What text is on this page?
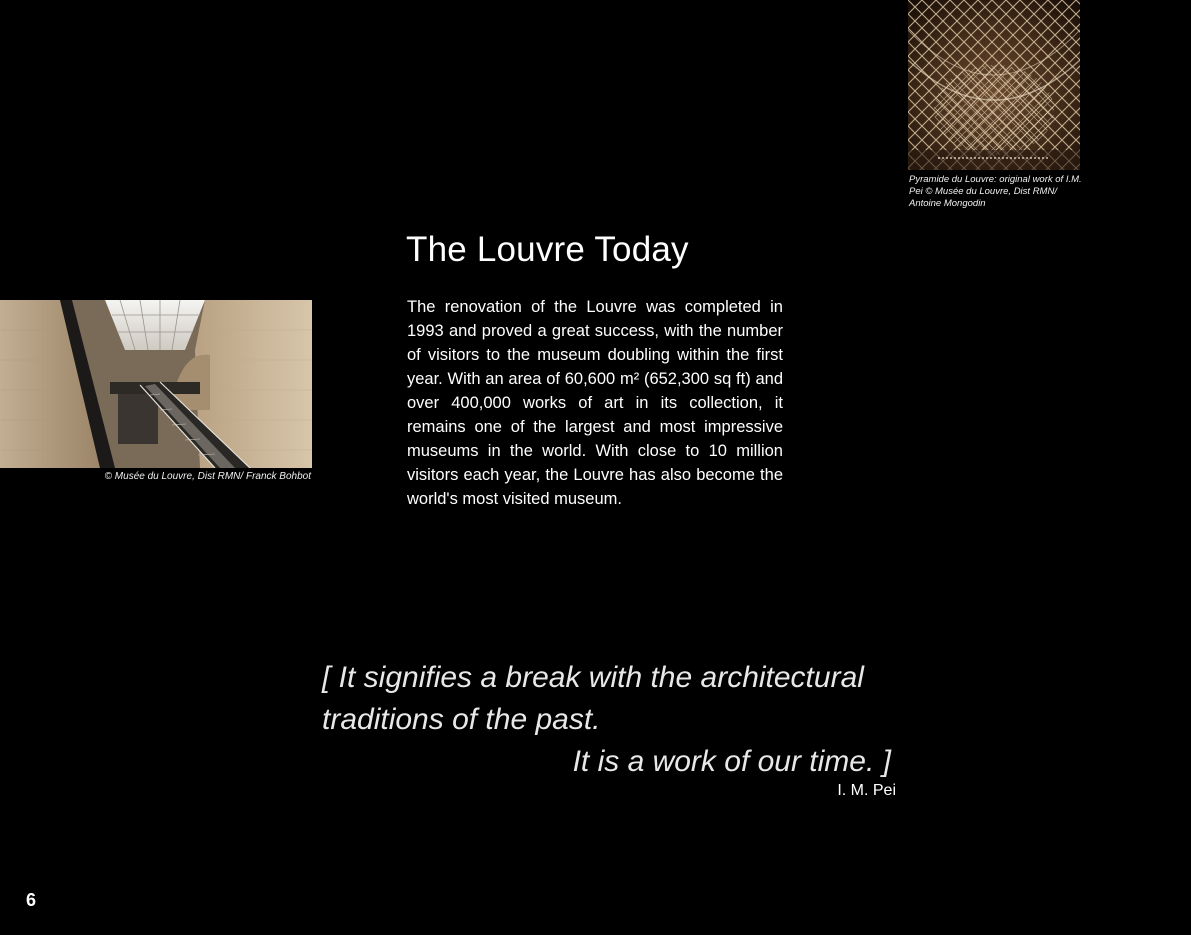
Pyramide du Louvre: original work of I.M. Pei © Musée du Louvre, Dist RMN/ Antoine Mongodin
© Musée du Louvre, Dist RMN/ Franck Bohbot
The Louvre Today

The renovation of the Louvre was completed in 1993 and proved a great success, with the number of visitors to the museum doubling within the first year. With an area of 60,600 m² (652,300 sq ft) and over 400,000 works of art in its collection, it remains one of the largest and most impressive museums in the world. With close to 10 million visitors each year, the Louvre has also become the world's most visited museum.

[ It signifies a break with the architectural
traditions of the past.
It is a work of our time. ]
I. M. Pei
6
